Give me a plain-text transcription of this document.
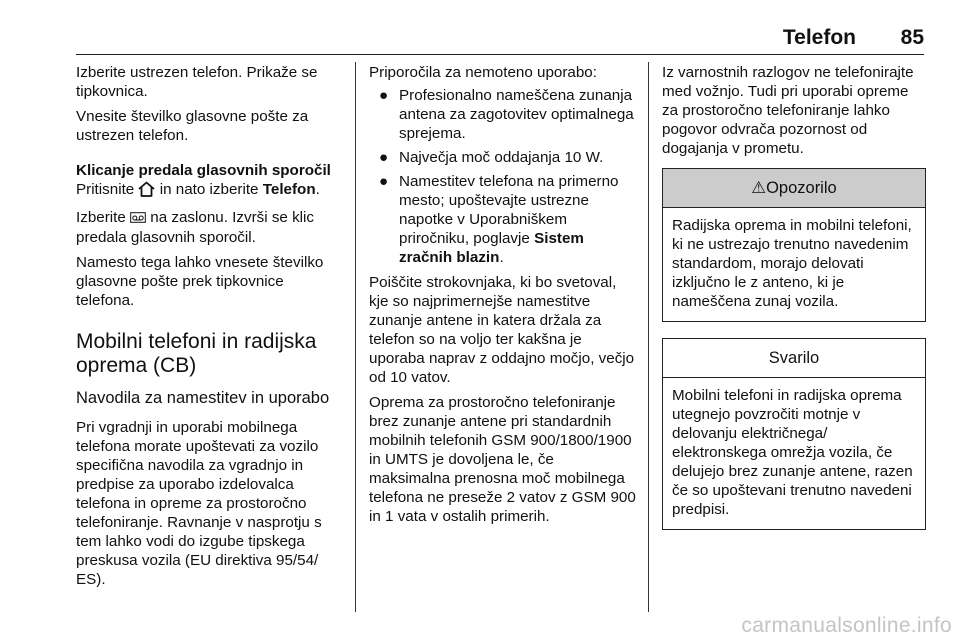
Telefon 85

Izberite ustrezen telefon. Prikaže se tipkovnica.

Vnesite številko glasovne pošte za ustrezen telefon.

Klicanje predala glasovnih sporočil

Pritisnite in nato izberite Telefon.

Izberite na zaslonu. Izvrši se klic predala glasovnih sporočil.

Namesto tega lahko vnesete številko glasovne pošte prek tipkovnice telefona.

Mobilni telefoni in radijska oprema (CB)
Navodila za namestitev in uporabo

Pri vgradnji in uporabi mobilnega telefona morate upoštevati za vozilo specifična navodila za vgradnjo in predpise za uporabo izdelovalca telefona in opreme za prostoročno telefoniranje. Ravnanje v nasprotju s tem lahko vodi do izgube tipskega preskusa vozila (EU direktiva 95/54/ ES).

Priporočila za nemoteno uporabo:

● Profesionalno nameščena zunanja antena za zagotovitev optimalnega sprejema.
● Največja moč oddajanja 10 W.
● Namestitev telefona na primerno mesto; upoštevajte ustrezne napotke v Uporabniškem priročniku, poglavje Sistem zračnih blazin.

Poiščite strokovnjaka, ki bo svetoval, kje so najprimernejše namestitve zunanje antene in katera držala za telefon so na voljo ter kakšna je uporaba naprav z oddajno močjo, večjo od 10 vatov.

Oprema za prostoročno telefoniranje brez zunanje antene pri standardnih mobilnih telefonih GSM 900/1800/1900 in UMTS je dovoljena le, če maksimalna prenosna moč mobilnega telefona ne preseže 2 vatov z GSM 900 in 1 vata v ostalih primerih.

Iz varnostnih razlogov ne telefonirajte med vožnjo. Tudi pri uporabi opreme za prostoročno telefoniranje lahko pogovor odvrača pozornost od dogajanja v prometu.

⚠Opozorilo
Radijska oprema in mobilni telefoni, ki ne ustrezajo trenutno navedenim standardom, morajo delovati izključno le z anteno, ki je nameščena zunaj vozila.
Svarilo
Mobilni telefoni in radijska oprema utegnejo povzročiti motnje v delovanju električnega/ elektronskega omrežja vozila, če delujejo brez zunanje antene, razen če so upoštevani trenutno navedeni predpisi.
carmanualsonline.info
